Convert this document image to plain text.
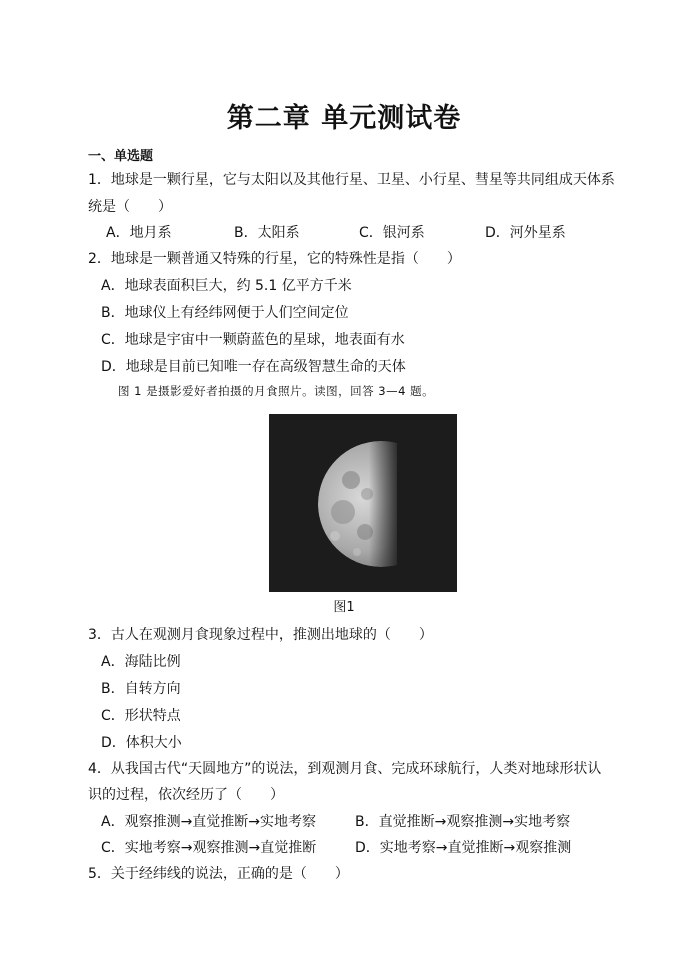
第二章 单元测试卷
一、单选题
1．地球是一颗行星，它与太阳以及其他行星、卫星、小行星、彗星等共同组成天体系
统是（　　）
A．地月系	B．太阳系	C．银河系	D．河外星系
2．地球是一颗普通又特殊的行星，它的特殊性是指（　　）
A．地球表面积巨大，约 5.1 亿平方千米
B．地球仪上有经纬网便于人们空间定位
C．地球是宇宙中一颗蔚蓝色的星球，地表面有水
D．地球是目前已知唯一存在高级智慧生命的天体
图 1 是摄影爱好者拍摄的月食照片。读图，回答 3—4 题。
图1
3．古人在观测月食现象过程中，推测出地球的（　　）
A．海陆比例
B．自转方向
C．形状特点
D．体积大小
4．从我国古代“天圆地方”的说法，到观测月食、完成环球航行，人类对地球形状认
识的过程，依次经历了（　　）
A．观察推测→直觉推断→实地考察	B．直觉推断→观察推测→实地考察
C．实地考察→观察推测→直觉推断	D．实地考察→直觉推断→观察推测
5．关于经纬线的说法，正确的是（　　）
